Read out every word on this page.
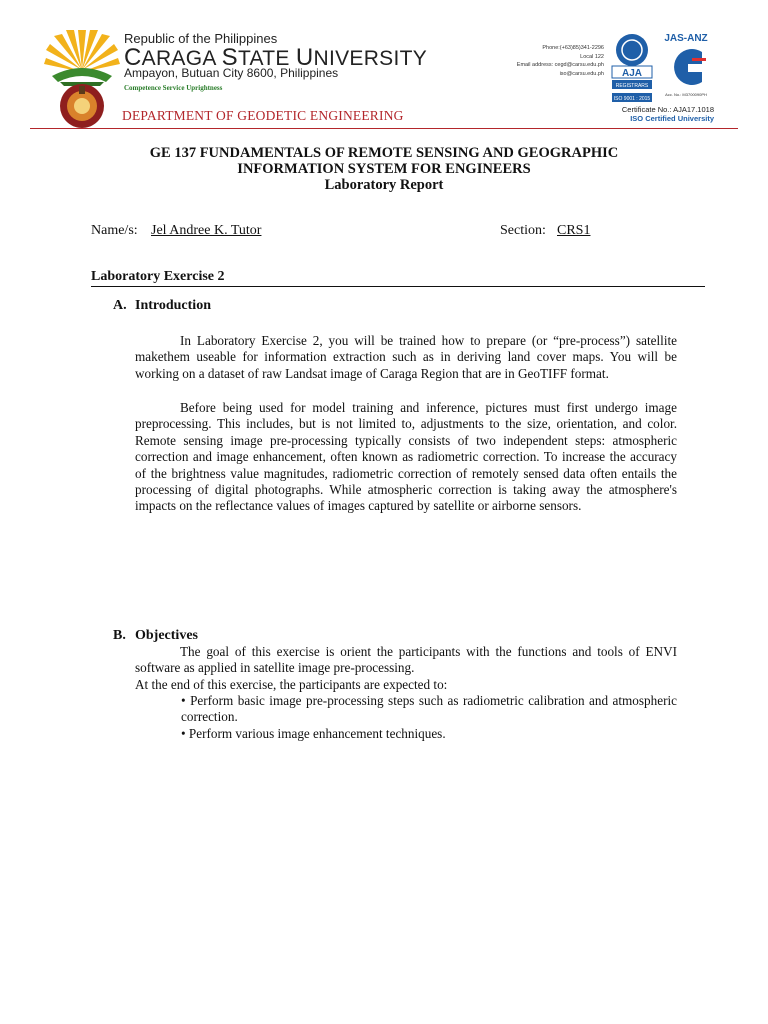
Republic of the Philippines
CARAGA STATE UNIVERSITY
Ampayon, Butuan City 8600, Philippines
Competence Service Uprightness
DEPARTMENT OF GEODETIC ENGINEERING
Phone:(+63)85)341-2296
Local 122
Email address: cegd@carsu.edu.ph
iso@carsu.edu.ph AJA
REGISTRARS
ISO 9001 : 2015
JAS-ANZ
Acc. No.: M3700090PH
Certificate No.: AJA17.1018
ISO Certified University
GE 137 FUNDAMENTALS OF REMOTE SENSING AND GEOGRAPHIC
INFORMATION SYSTEM FOR ENGINEERS
Laboratory Report
Name/s: Jel Andree K. Tutor	Section: CRS1
Laboratory Exercise 2
A. Introduction
In Laboratory Exercise 2, you will be trained how to prepare (or “pre-process”) satellite makethem useable for information extraction such as in deriving land cover maps. You will be working on a dataset of raw Landsat image of Caraga Region that are in GeoTIFF format.
Before being used for model training and inference, pictures must first undergo image preprocessing. This includes, but is not limited to, adjustments to the size, orientation, and color. Remote sensing image pre-processing typically consists of two independent steps: atmospheric correction and image enhancement, often known as radiometric correction. To increase the accuracy of the brightness value magnitudes, radiometric correction of remotely sensed data often entails the processing of digital photographs. While atmospheric correction is taking away the atmosphere's impacts on the reflectance values of images captured by satellite or airborne sensors.
B. Objectives
The goal of this exercise is orient the participants with the functions and tools of ENVI software as applied in satellite image pre-processing.
At the end of this exercise, the participants are expected to:
• Perform basic image pre-processing steps such as radiometric calibration and atmospheric correction.
• Perform various image enhancement techniques.
